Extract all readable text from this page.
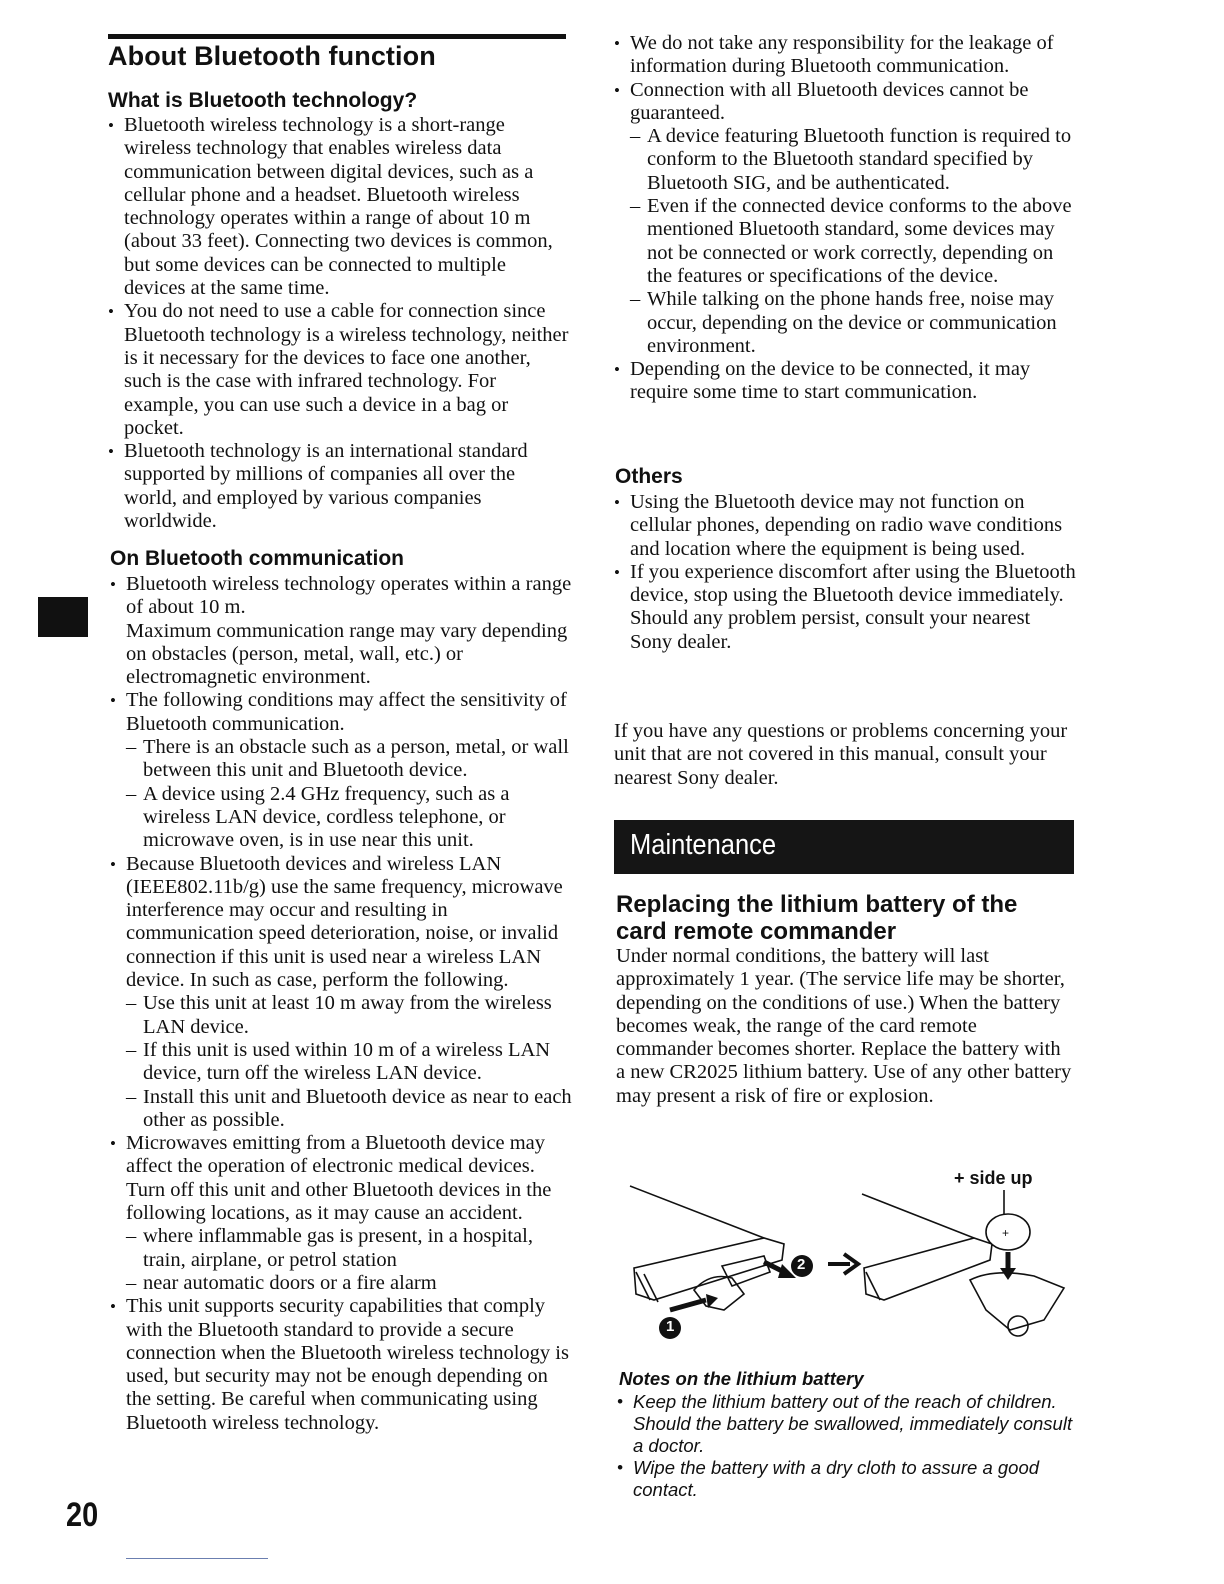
About Bluetooth function
What is Bluetooth technology?
• Bluetooth wireless technology is a short-range wireless technology that enables wireless data communication between digital devices, such as a cellular phone and a headset. Bluetooth wireless technology operates within a range of about 10 m (about 33 feet). Connecting two devices is common, but some devices can be connected to multiple devices at the same time.
• You do not need to use a cable for connection since Bluetooth technology is a wireless technology, neither is it necessary for the devices to face one another, such is the case with infrared technology. For example, you can use such a device in a bag or pocket.
• Bluetooth technology is an international standard supported by millions of companies all over the world, and employed by various companies worldwide.
On Bluetooth communication
• Bluetooth wireless technology operates within a range of about 10 m.
Maximum communication range may vary depending on obstacles (person, metal, wall, etc.) or electromagnetic environment.
• The following conditions may affect the sensitivity of Bluetooth communication.
– There is an obstacle such as a person, metal, or wall between this unit and Bluetooth device.
– A device using 2.4 GHz frequency, such as a wireless LAN device, cordless telephone, or microwave oven, is in use near this unit.
• Because Bluetooth devices and wireless LAN (IEEE802.11b/g) use the same frequency, microwave interference may occur and resulting in communication speed deterioration, noise, or invalid connection if this unit is used near a wireless LAN device. In such as case, perform the following.
– Use this unit at least 10 m away from the wireless LAN device.
– If this unit is used within 10 m of a wireless LAN device, turn off the wireless LAN device.
– Install this unit and Bluetooth device as near to each other as possible.
• Microwaves emitting from a Bluetooth device may affect the operation of electronic medical devices. Turn off this unit and other Bluetooth devices in the following locations, as it may cause an accident.
– where inflammable gas is present, in a hospital, train, airplane, or petrol station
– near automatic doors or a fire alarm
• This unit supports security capabilities that comply with the Bluetooth standard to provide a secure connection when the Bluetooth wireless technology is used, but security may not be enough depending on the setting. Be careful when communicating using Bluetooth wireless technology.
• We do not take any responsibility for the leakage of information during Bluetooth communication.
• Connection with all Bluetooth devices cannot be guaranteed.
– A device featuring Bluetooth function is required to conform to the Bluetooth standard specified by Bluetooth SIG, and be authenticated.
– Even if the connected device conforms to the above mentioned Bluetooth standard, some devices may not be connected or work correctly, depending on the features or specifications of the device.
– While talking on the phone hands free, noise may occur, depending on the device or communication environment.
• Depending on the device to be connected, it may require some time to start communication.
Others
• Using the Bluetooth device may not function on cellular phones, depending on radio wave conditions and location where the equipment is being used.
• If you experience discomfort after using the Bluetooth device, stop using the Bluetooth device immediately. Should any problem persist, consult your nearest Sony dealer.
If you have any questions or problems concerning your unit that are not covered in this manual, consult your nearest Sony dealer.
Maintenance
Replacing the lithium battery of the card remote commander
Under normal conditions, the battery will last approximately 1 year. (The service life may be shorter, depending on the conditions of use.) When the battery becomes weak, the range of the card remote commander becomes shorter. Replace the battery with a new CR2025 lithium battery. Use of any other battery may present a risk of fire or explosion.
+ side up
+
2
1
Notes on the lithium battery
• Keep the lithium battery out of the reach of children. Should the battery be swallowed, immediately consult a doctor.
• Wipe the battery with a dry cloth to assure a good contact.
20
